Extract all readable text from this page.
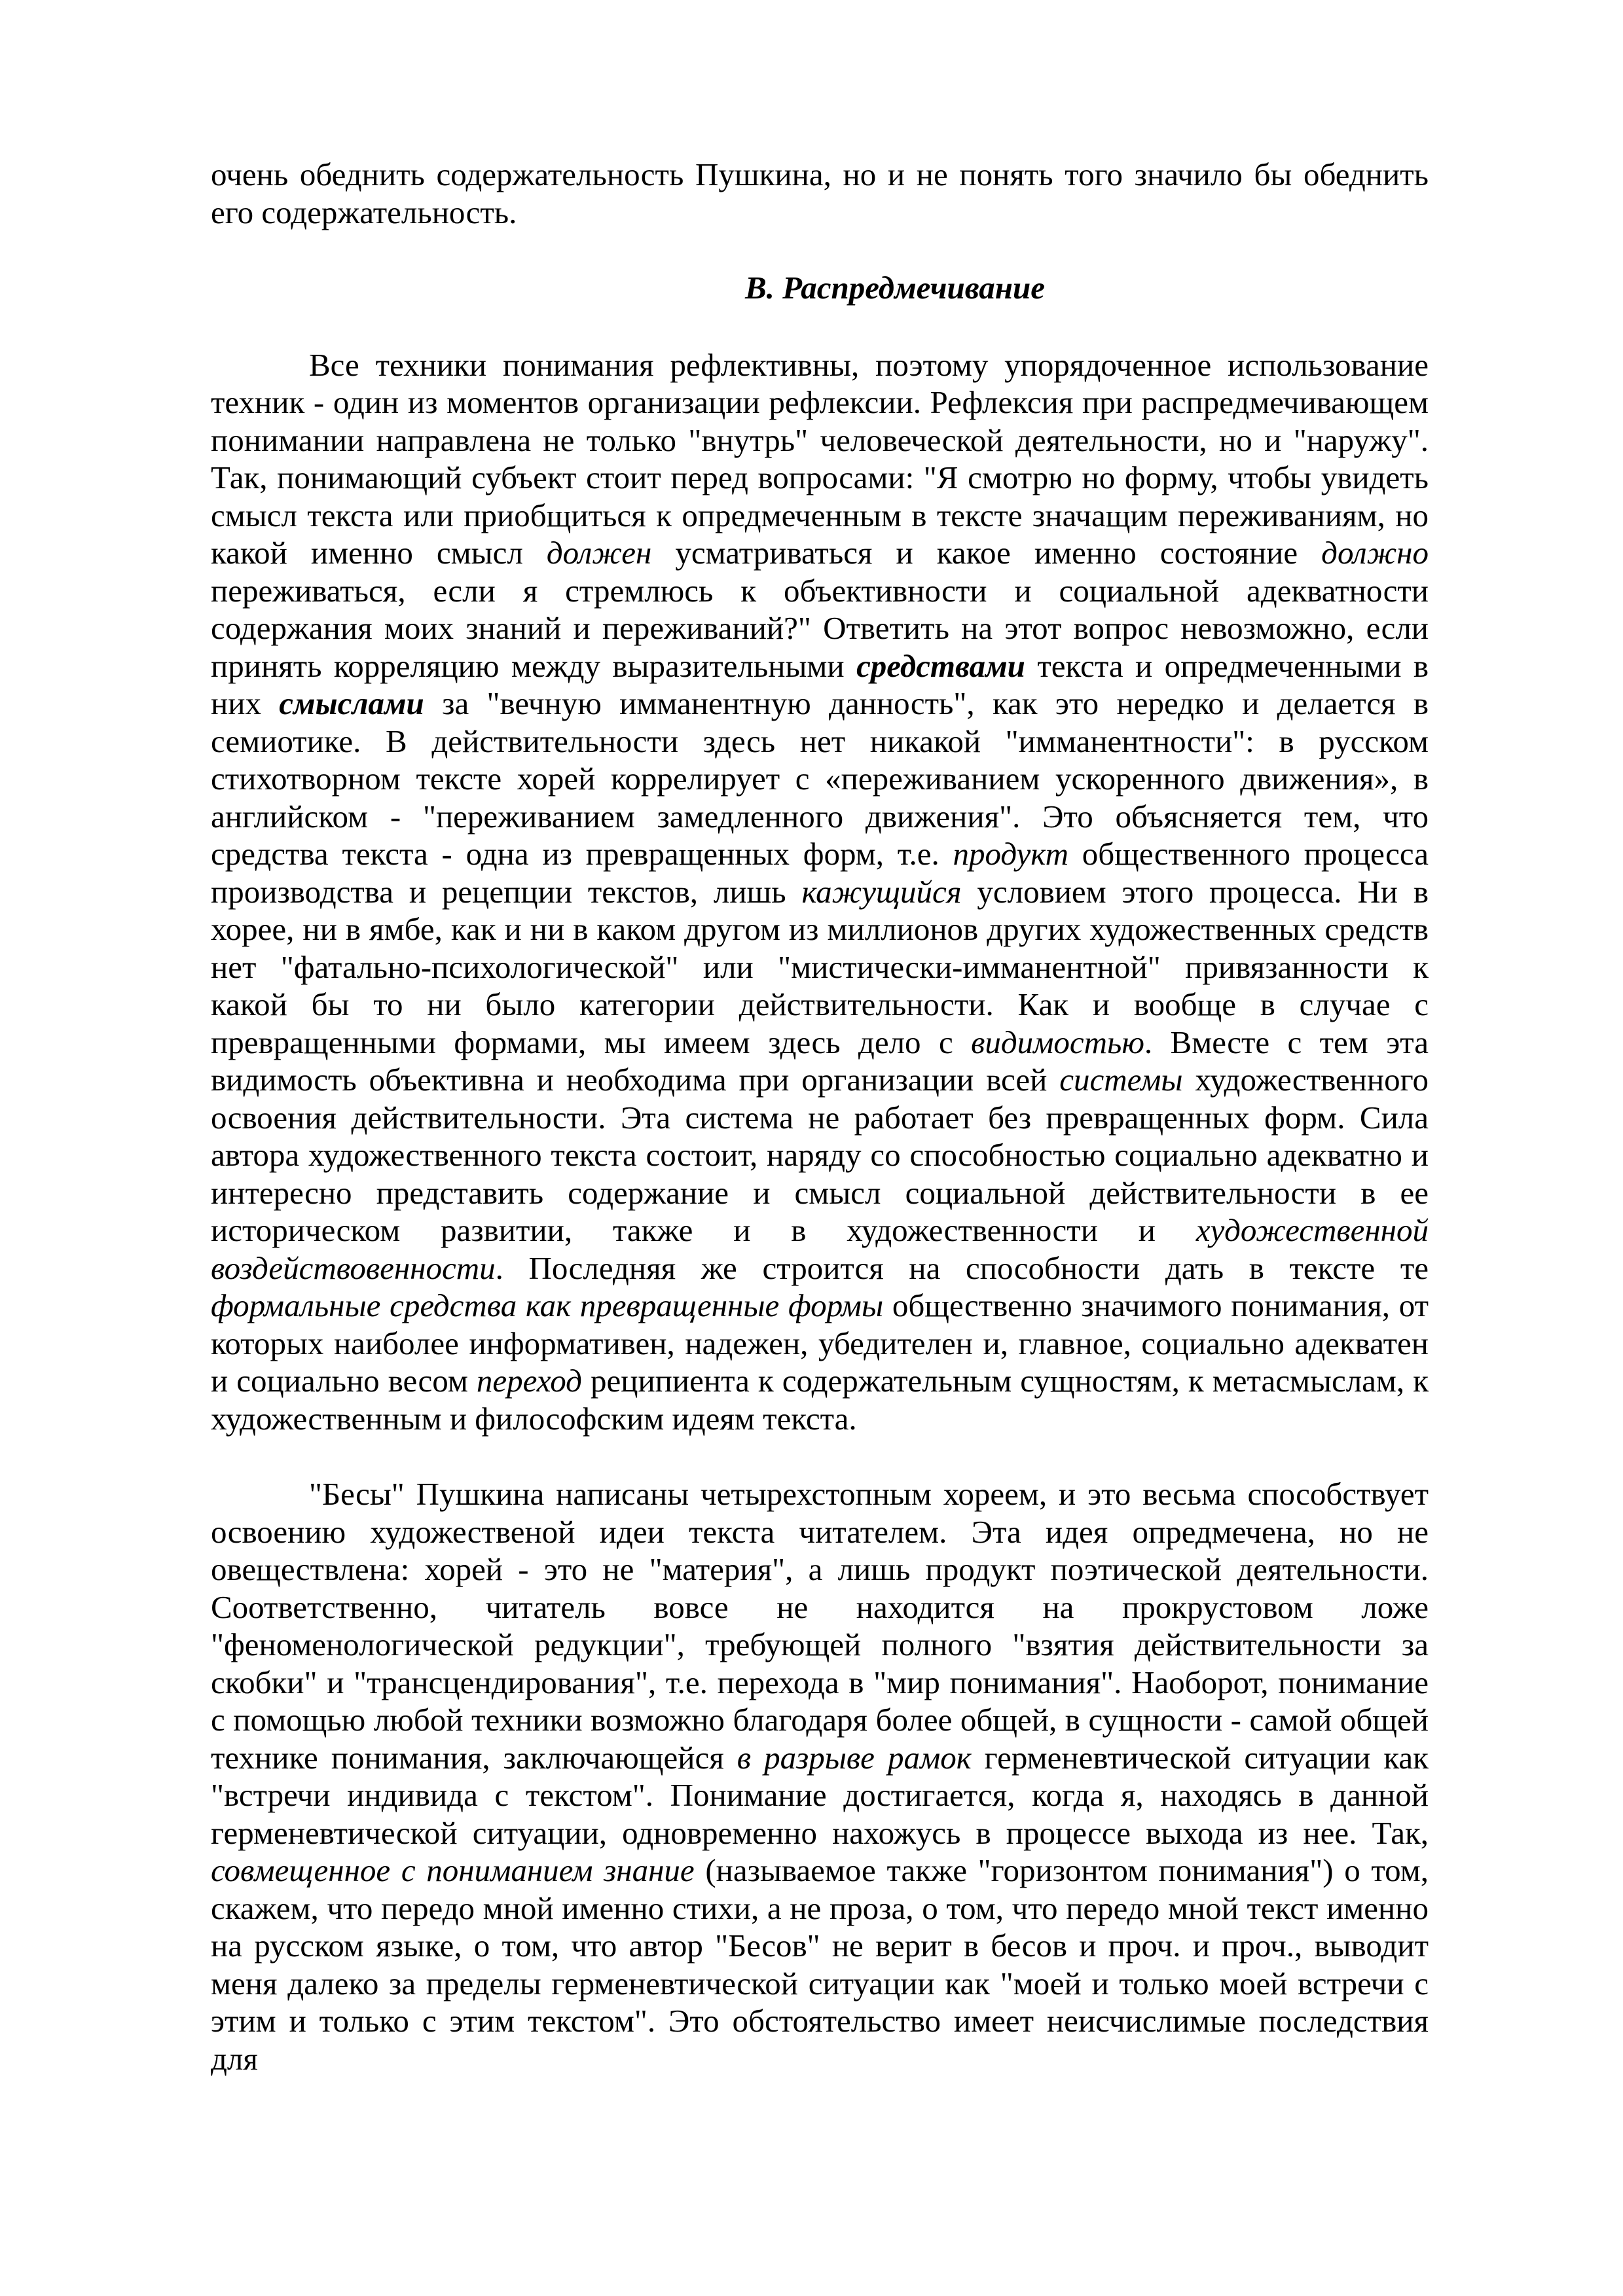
очень обеднить содержательность Пушкина, но и не понять того значило бы обеднить его содержательность.

В. Распредмечивание

Все техники понимания рефлективны, поэтому упорядоченное использование техник - один из моментов организации рефлексии. Рефлексия при распредмечивающем понимании направлена не только "внутрь" человеческой деятельности, но и "наружу". Так, понимающий субъект стоит перед вопросами: "Я смотрю но форму, чтобы увидеть смысл текста или приобщиться к опредмеченным в тексте значащим переживаниям, но какой именно смысл должен усматриваться и какое именно состояние должно переживаться, если я стремлюсь к объективности и социальной адекватности содержания моих знаний и переживаний?" Ответить на этот вопрос невозможно, если принять корреляцию между выразительными средствами текста и опредмеченными в них смыслами за "вечную имманентную данность", как это нередко и делается в семиотике. В действительности здесь нет никакой "имманентности": в русском стихотворном тексте хорей коррелирует с «переживанием ускоренного движения», в английском - "переживанием замедленного движения". Это объясняется тем, что средства текста - одна из превращенных форм, т.е. продукт общественного процесса производства и рецепции текстов, лишь кажущийся условием этого процесса. Ни в хорее, ни в ямбе, как и ни в каком другом из миллионов других художественных средств нет "фатально-психологической" или "мистически-имманентной" привязанности к какой бы то ни было категории действительности. Как и вообще в случае с превращенными формами, мы имеем здесь дело с видимостью. Вместе с тем эта видимость объективна и необходима при организации всей системы художественного освоения действительности. Эта система не работает без превращенных форм. Сила автора художественного текста состоит, наряду со способностью социально адекватно и интересно представить содержание и смысл социальной действительности в ее историческом развитии, также и в художественности и художественной воздействовенности. Последняя же строится на способности дать в тексте те формальные средства как превращенные формы общественно значимого понимания, от которых наиболее информативен, надежен, убедителен и, главное, социально адекватен и социально весом переход реципиента к содержательным сущностям, к метасмыслам, к художественным и философским идеям текста.

"Бесы" Пушкина написаны четырехстопным хореем, и это весьма способствует освоению художественой идеи текста читателем. Эта идея опредмечена, но не овеществлена: хорей - это не "материя", а лишь продукт поэтической деятельности. Соответственно, читатель вовсе не находится на прокрустовом ложе "феноменологической редукции", требующей полного "взятия действительности за скобки" и "трансцендирования", т.е. перехода в "мир понимания". Наоборот, понимание с помощью любой техники возможно благодаря более общей, в сущности - самой общей технике понимания, заключающейся в разрыве рамок герменевтической ситуации как "встречи индивида с текстом". Понимание достигается, когда я, находясь в данной герменевтической ситуации, одновременно нахожусь в процессе выхода из нее. Так, совмещенное с пониманием знание (называемое также "горизонтом понимания") о том, скажем, что передо мной именно стихи, а не проза, о том, что передо мной текст именно на русском языке, о том, что автор "Бесов" не верит в бесов и проч. и проч., выводит меня далеко за пределы герменевтической ситуации как "моей и только моей встречи с этим и только с этим текстом". Это обстоятельство имеет неисчислимые последствия для
